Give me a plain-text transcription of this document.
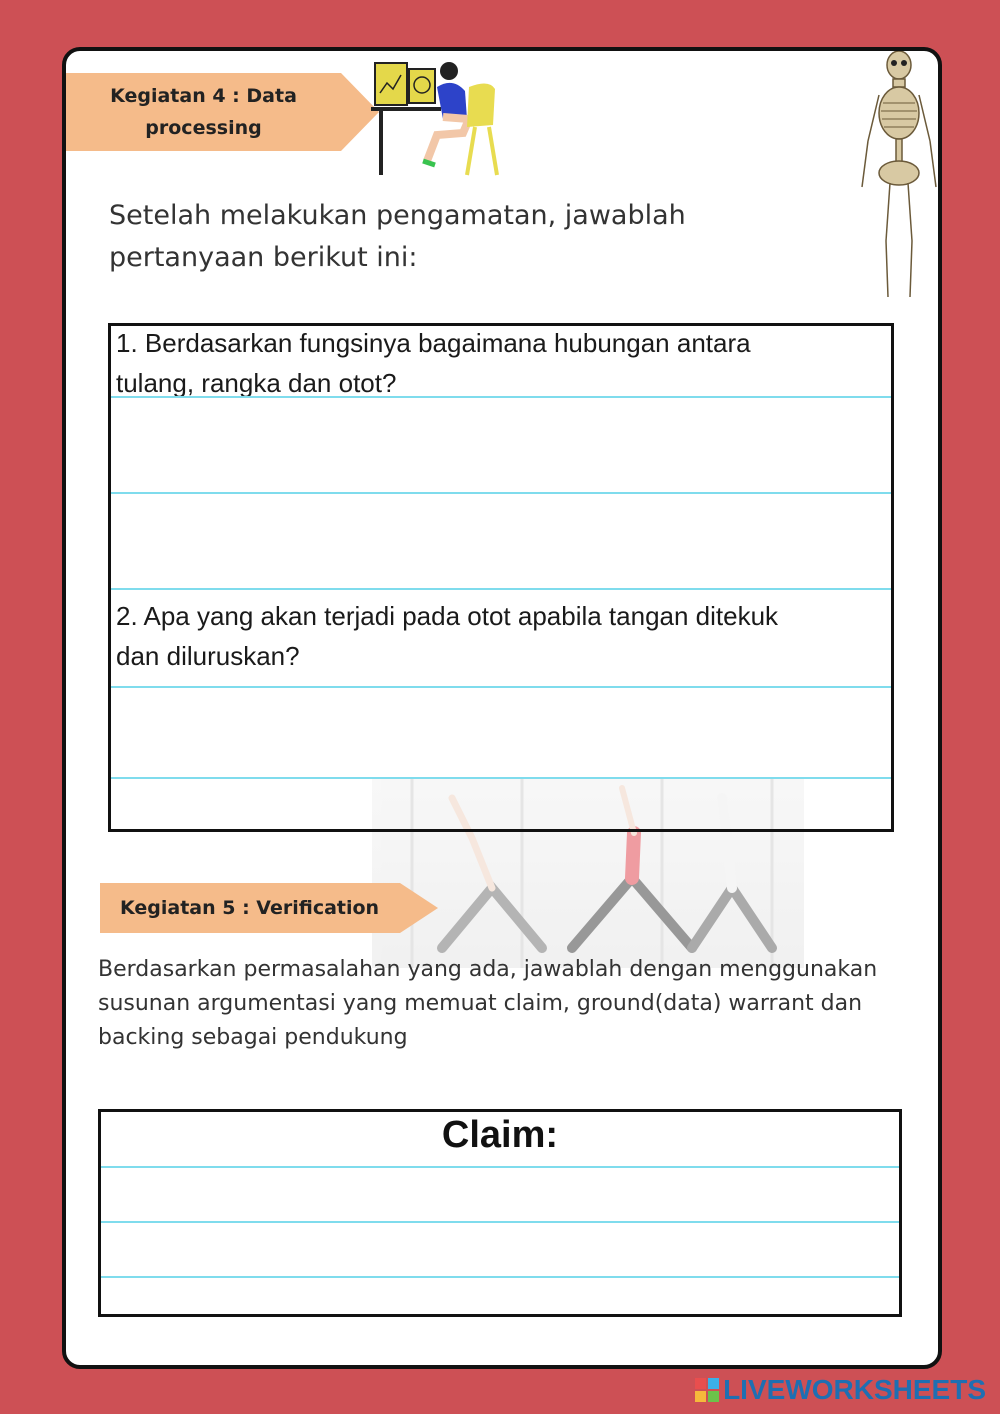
Kegiatan 4 : Data
processing
Setelah melakukan pengamatan, jawablah
pertanyaan berikut ini:
1. Berdasarkan fungsinya bagaimana hubungan antara
tulang, rangka dan otot?
2. Apa yang akan terjadi pada otot apabila tangan ditekuk
dan diluruskan?
Kegiatan 5 : Verification
Berdasarkan permasalahan yang ada, jawablah dengan menggunakan
susunan argumentasi yang memuat claim, ground(data) warrant dan
backing sebagai pendukung
Claim:
LIVEWORKSHEETS
